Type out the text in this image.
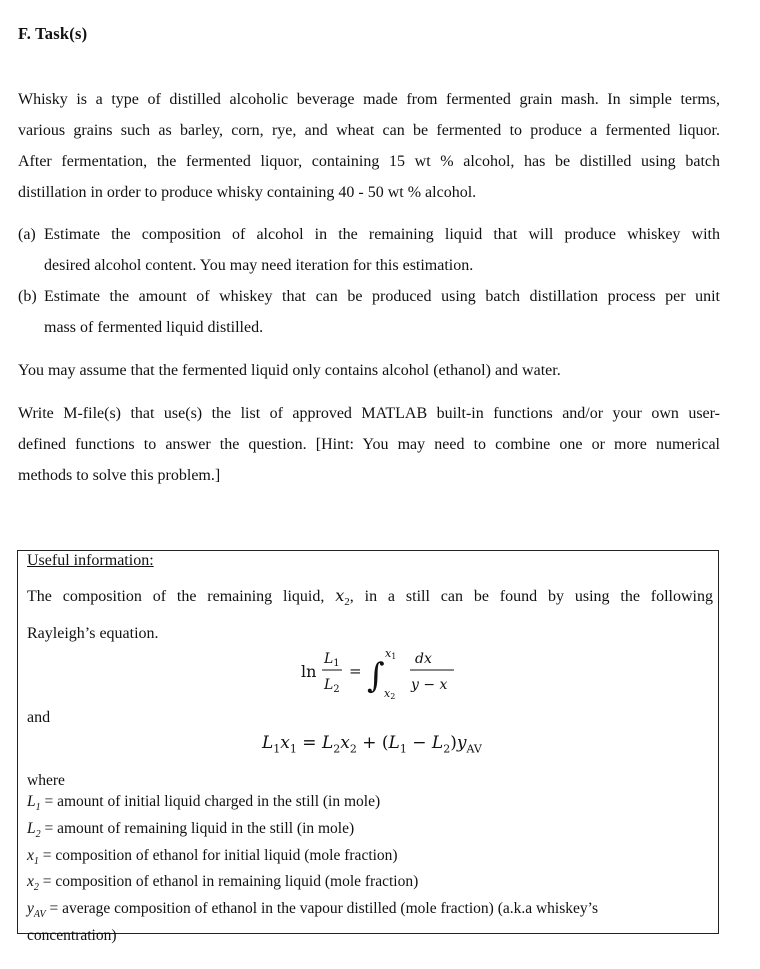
F. Task(s)

Whisky is a type of distilled alcoholic beverage made from fermented grain mash. In simple terms,

various grains such as barley, corn, rye, and wheat can be fermented to produce a fermented liquor.

After fermentation, the fermented liquor, containing 15 wt % alcohol, has be distilled using batch

distillation in order to produce whisky containing 40 - 50 wt % alcohol.

(a) Estimate the composition of alcohol in the remaining liquid that will produce whiskey with

desired alcohol content. You may need iteration for this estimation.

(b) Estimate the amount of whiskey that can be produced using batch distillation process per unit

mass of fermented liquid distilled.

You may assume that the fermented liquid only contains alcohol (ethanol) and water.

Write M-file(s) that use(s) the list of approved MATLAB built-in functions and/or your own user-

defined functions to answer the question. [Hint: You may need to combine one or more numerical

methods to solve this problem.]

Useful information:

The composition of the remaining liquid, $x_2$, in a still can be found by using the following

Rayleigh’s equation.

ln
$L_1$
$L_2$
= ∫
x1
x2
dx
y − x
and
$L_1x_1 = L_2x_2 + (L_1 - L_2)y_{AV}$

where

$L_1$ = amount of initial liquid charged in the still (in mole)

$L_2$ = amount of remaining liquid in the still (in mole)

$x_1$ = composition of ethanol for initial liquid (mole fraction)

$x_2$ = composition of ethanol in remaining liquid (mole fraction)

$y_{AV}$ = average composition of ethanol in the vapour distilled (mole fraction) (a.k.a whiskey’s

concentration)
